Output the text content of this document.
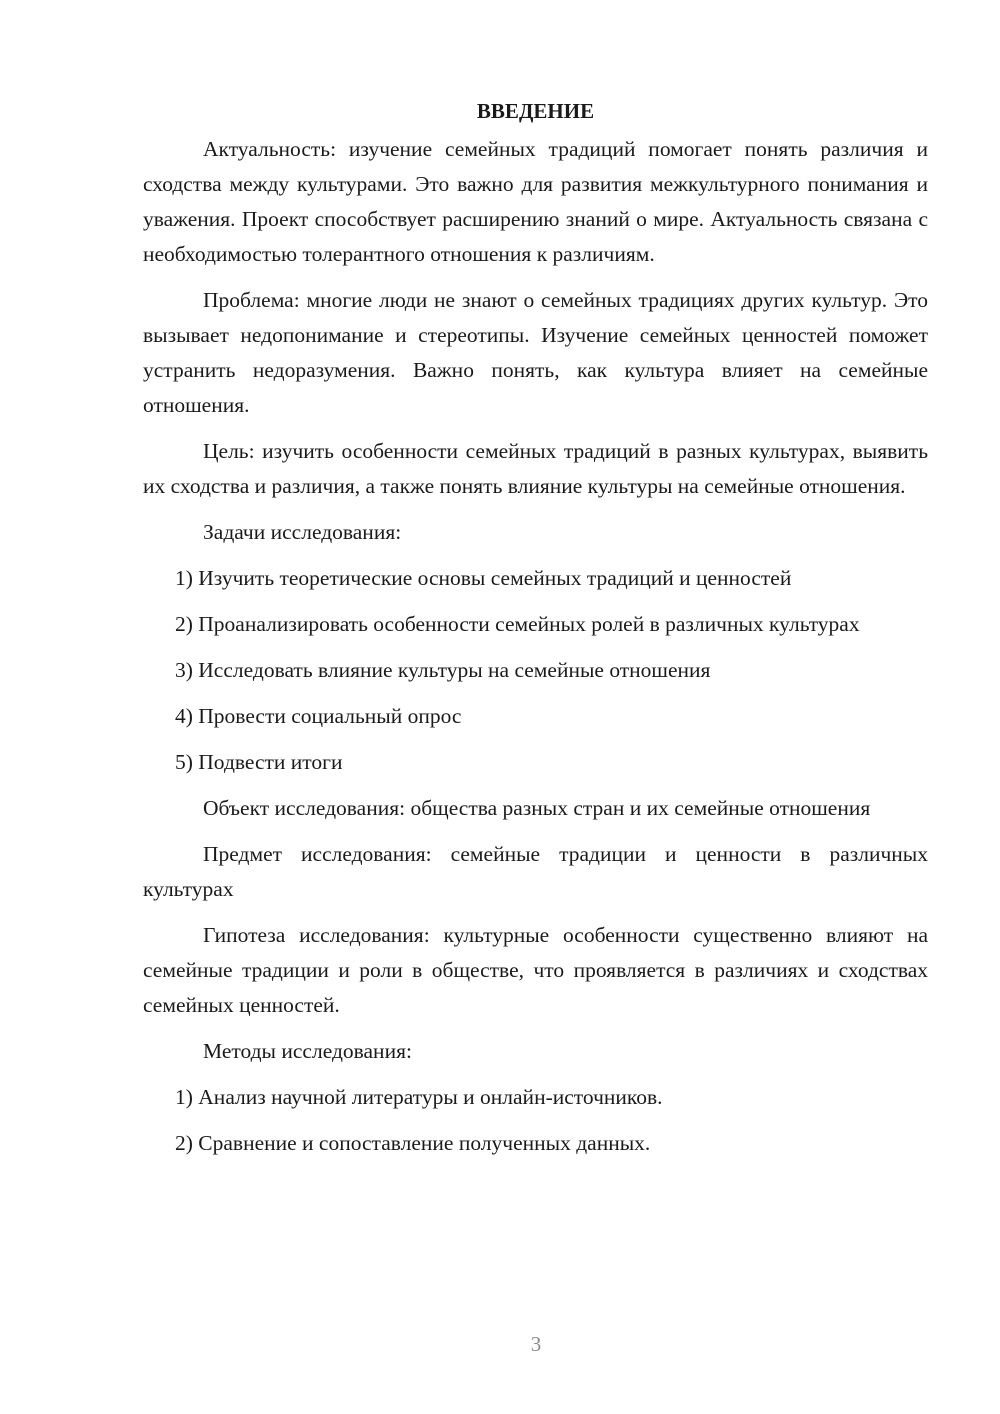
ВВЕДЕНИЕ

Актуальность: изучение семейных традиций помогает понять различия и сходства между культурами. Это важно для развития межкультурного понимания и уважения. Проект способствует расширению знаний о мире. Актуальность связана с необходимостью толерантного отношения к различиям.

Проблема: многие люди не знают о семейных традициях других культур. Это вызывает недопонимание и стереотипы. Изучение семейных ценностей поможет устранить недоразумения. Важно понять, как культура влияет на семейные отношения.

Цель: изучить особенности семейных традиций в разных культурах, выявить их сходства и различия, а также понять влияние культуры на семейные отношения.

Задачи исследования:

1) Изучить теоретические основы семейных традиций и ценностей

2) Проанализировать особенности семейных ролей в различных культурах

3) Исследовать влияние культуры на семейные отношения

4) Провести социальный опрос

5) Подвести итоги

Объект исследования: общества разных стран и их семейные отношения

Предмет исследования: семейные традиции и ценности в различных культурах

Гипотеза исследования: культурные особенности существенно влияют на семейные традиции и роли в обществе, что проявляется в различиях и сходствах семейных ценностей.

Методы исследования:

1) Анализ научной литературы и онлайн-источников.

2) Сравнение и сопоставление полученных данных.

3
